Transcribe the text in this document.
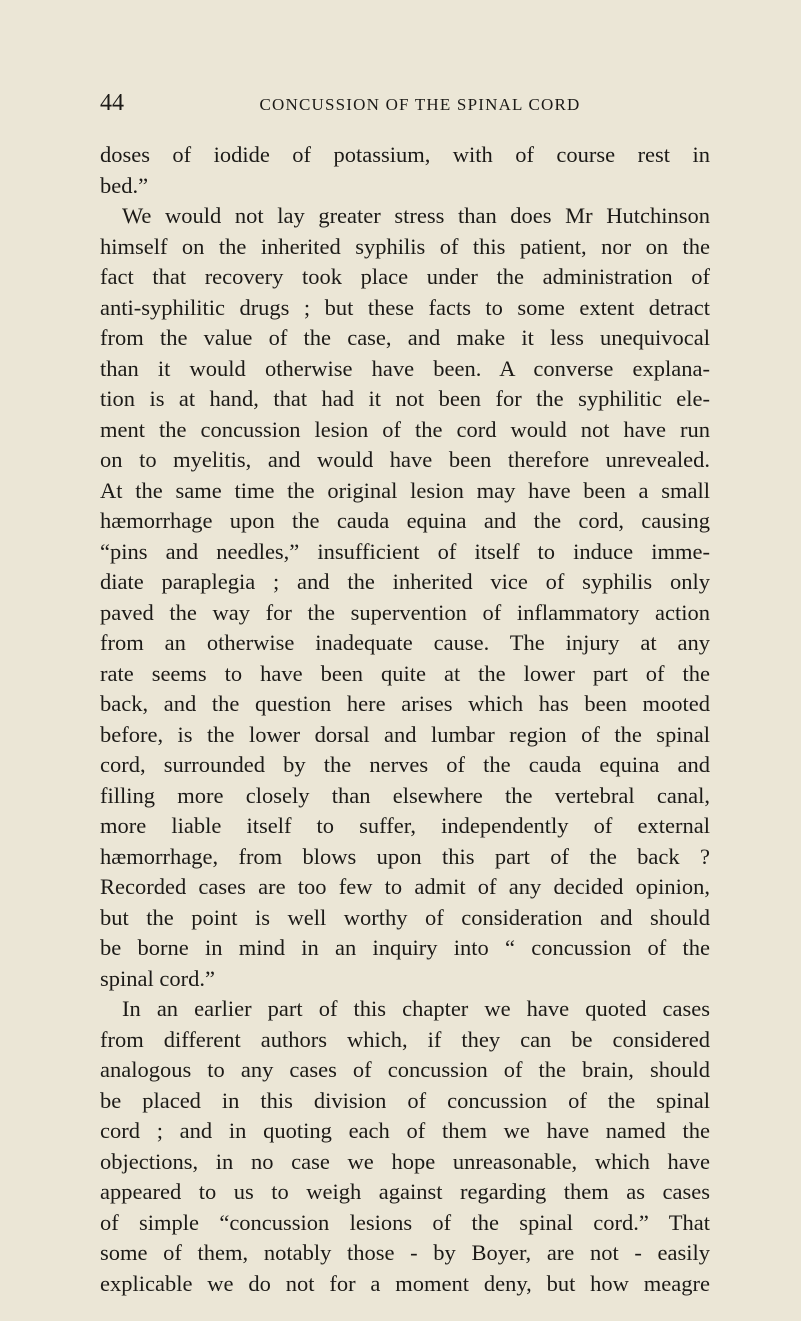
44	CONCUSSION OF THE SPINAL CORD
doses of iodide of potassium, with of course rest in
bed.”
We would not lay greater stress than does Mr Hutchinson
himself on the inherited syphilis of this patient, nor on the
fact that recovery took place under the administration of
anti-syphilitic drugs ; but these facts to some extent detract
from the value of the case, and make it less unequivocal
than it would otherwise have been. A converse explana-
tion is at hand, that had it not been for the syphilitic ele-
ment the concussion lesion of the cord would not have run
on to myelitis, and would have been therefore unrevealed.
At the same time the original lesion may have been a small
hæmorrhage upon the cauda equina and the cord, causing
“pins and needles,” insufficient of itself to induce imme-
diate paraplegia ; and the inherited vice of syphilis only
paved the way for the supervention of inflammatory action
from an otherwise inadequate cause. The injury at any
rate seems to have been quite at the lower part of the
back, and the question here arises which has been mooted
before, is the lower dorsal and lumbar region of the spinal
cord, surrounded by the nerves of the cauda equina and
filling more closely than elsewhere the vertebral canal,
more liable itself to suffer, independently of external
hæmorrhage, from blows upon this part of the back ?
Recorded cases are too few to admit of any decided opinion,
but the point is well worthy of consideration and should
be borne in mind in an inquiry into “ concussion of the
spinal cord.”
In an earlier part of this chapter we have quoted cases
from different authors which, if they can be considered
analogous to any cases of concussion of the brain, should
be placed in this division of concussion of the spinal
cord ; and in quoting each of them we have named the
objections, in no case we hope unreasonable, which have
appeared to us to weigh against regarding them as cases
of simple “concussion lesions of the spinal cord.” That
some of them, notably those - by Boyer, are not - easily
explicable we do not for a moment deny, but how meagre
